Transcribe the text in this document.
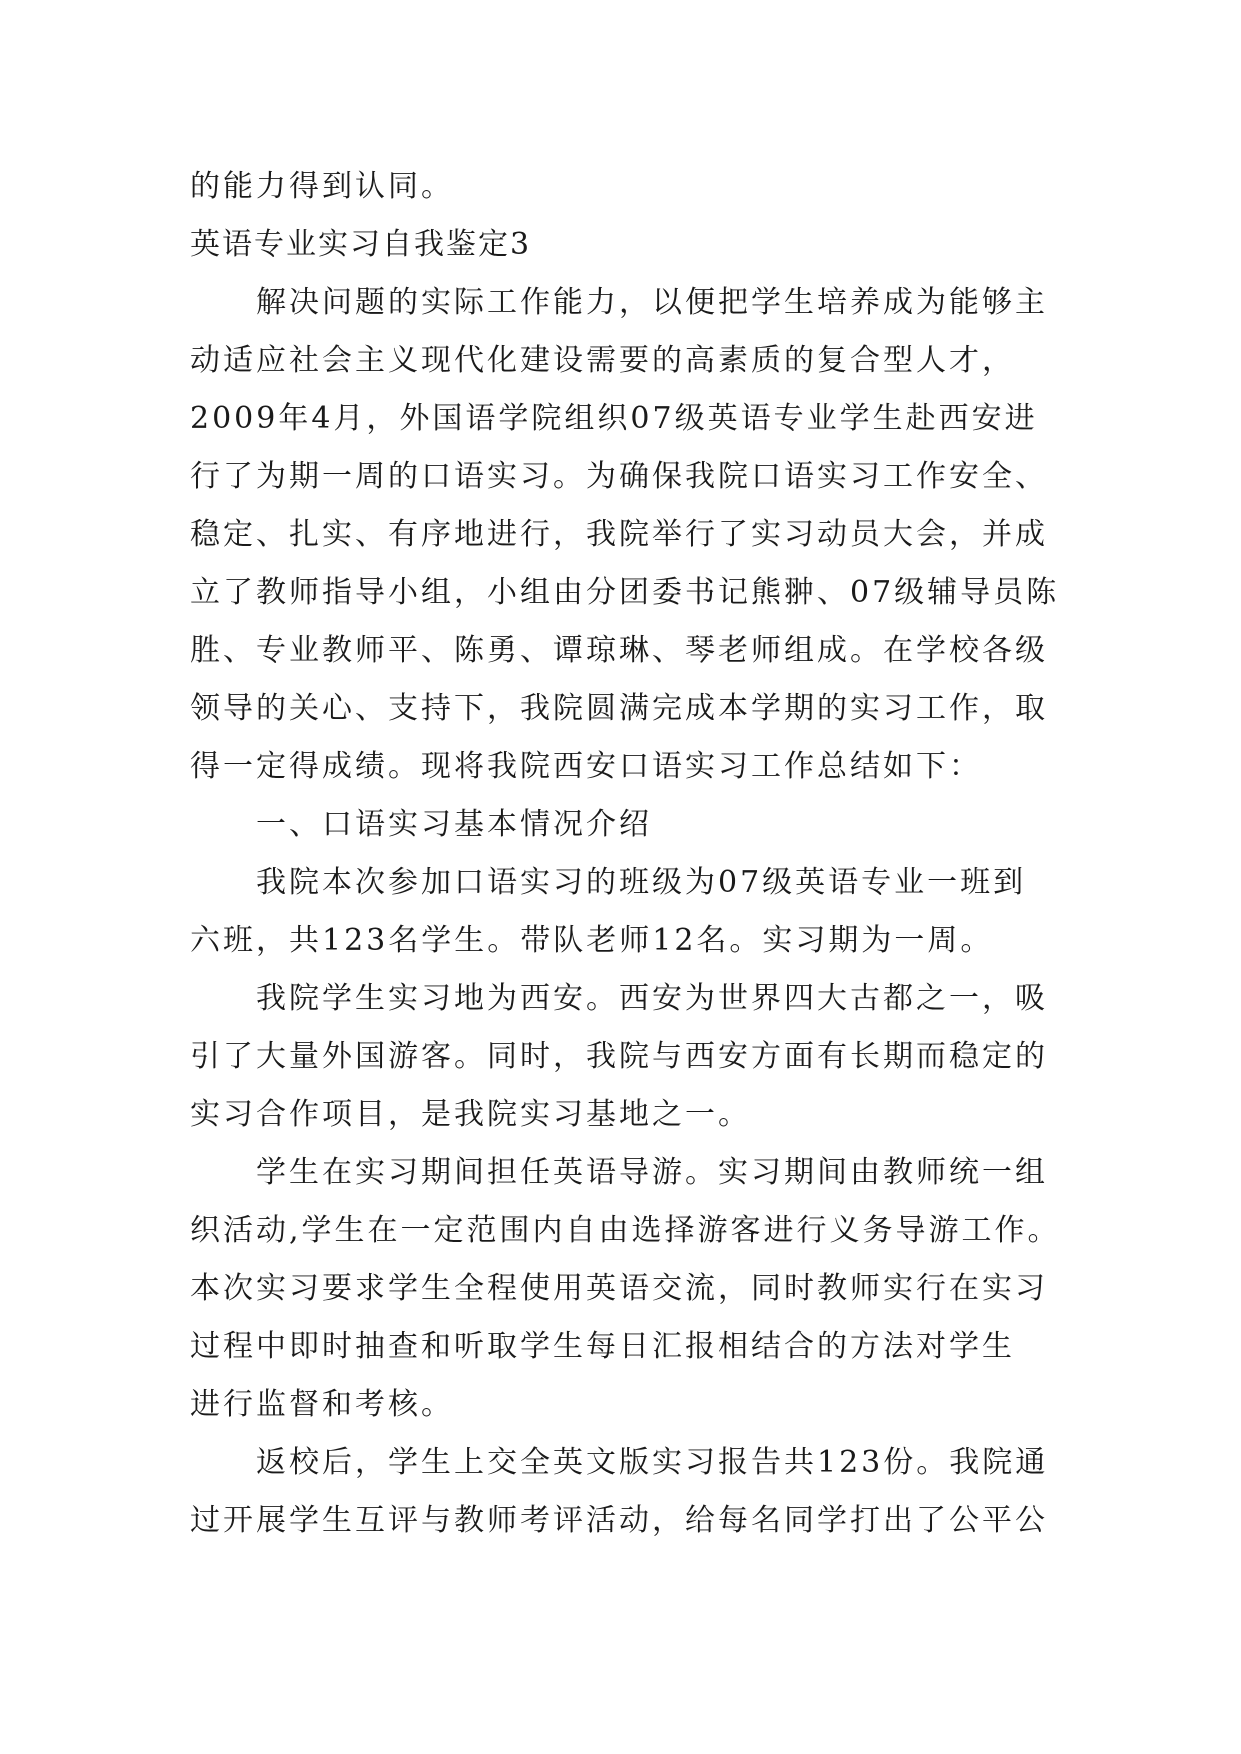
的能力得到认同。
英语专业实习自我鉴定3
　　解决问题的实际工作能力，以便把学生培养成为能够主
动适应社会主义现代化建设需要的高素质的复合型人才，
2009年4月，外国语学院组织07级英语专业学生赴西安进
行了为期一周的口语实习。为确保我院口语实习工作安全、
稳定、扎实、有序地进行，我院举行了实习动员大会，并成
立了教师指导小组，小组由分团委书记熊翀、07级辅导员陈
胜、专业教师平、陈勇、谭琼琳、琴老师组成。在学校各级
领导的关心、支持下，我院圆满完成本学期的实习工作，取
得一定得成绩。现将我院西安口语实习工作总结如下：
　　一、口语实习基本情况介绍
　　我院本次参加口语实习的班级为07级英语专业一班到
六班，共123名学生。带队老师12名。实习期为一周。
　　我院学生实习地为西安。西安为世界四大古都之一，吸
引了大量外国游客。同时，我院与西安方面有长期而稳定的
实习合作项目，是我院实习基地之一。
　　学生在实习期间担任英语导游。实习期间由教师统一组
织活动,学生在一定范围内自由选择游客进行义务导游工作。
本次实习要求学生全程使用英语交流，同时教师实行在实习
过程中即时抽查和听取学生每日汇报相结合的方法对学生
进行监督和考核。
　　返校后，学生上交全英文版实习报告共123份。我院通
过开展学生互评与教师考评活动，给每名同学打出了公平公
